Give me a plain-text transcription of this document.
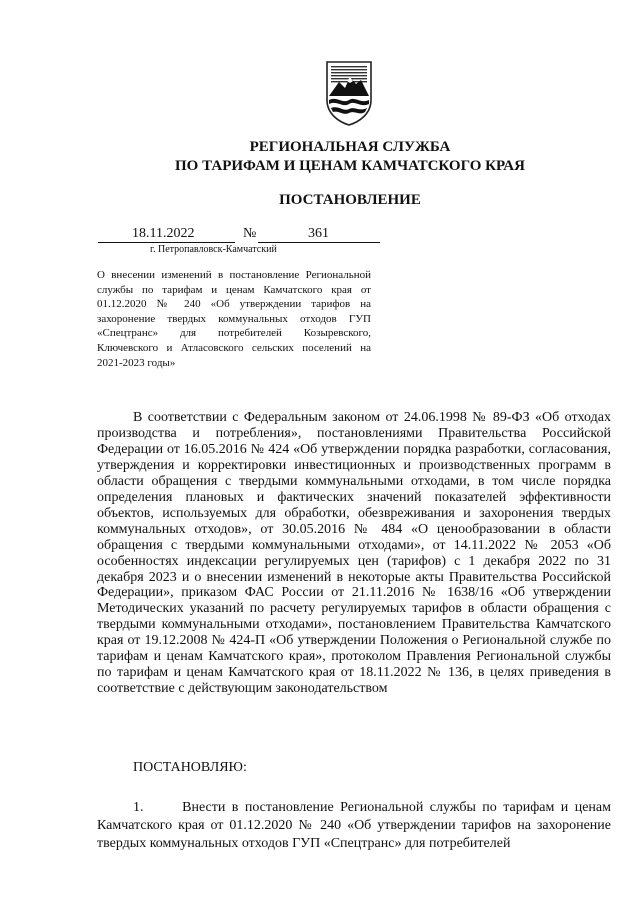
РЕГИОНАЛЬНАЯ СЛУЖБА
ПО ТАРИФАМ И ЦЕНАМ КАМЧАТСКОГО КРАЯ
ПОСТАНОВЛЕНИЕ
18.11.2022	№	361
г. Петропавловск-Камчатский
О внесении изменений в постановление Региональной службы по тарифам и ценам Камчатского края от 01.12.2020 № 240 «Об утверждении тарифов на захоронение твердых коммунальных отходов ГУП «Спецтранс» для потребителей Козыревского, Ключевского и Атласовского сельских поселений на 2021-2023 годы»
В соответствии с Федеральным законом от 24.06.1998 № 89-ФЗ «Об отходах производства и потребления», постановлениями Правительства Российской Федерации от 16.05.2016 № 424 «Об утверждении порядка разработки, согласования, утверждения и корректировки инвестиционных и производственных программ в области обращения с твердыми коммунальными отходами, в том числе порядка определения плановых и фактических значений показателей эффективности объектов, используемых для обработки, обезвреживания и захоронения твердых коммунальных отходов», от 30.05.2016 № 484 «О ценообразовании в области обращения с твердыми коммунальными отходами», от 14.11.2022 № 2053 «Об особенностях индексации регулируемых цен (тарифов) с 1 декабря 2022 по 31 декабря 2023 и о внесении изменений в некоторые акты Правительства Российской Федерации», приказом ФАС России от 21.11.2016 № 1638/16 «Об утверждении Методических указаний по расчету регулируемых тарифов в области обращения с твердыми коммунальными отходами», постановлением Правительства Камчатского края от 19.12.2008 № 424-П «Об утверждении Положения о Региональной службе по тарифам и ценам Камчатского края», протоколом Правления Региональной службы по тарифам и ценам Камчатского края от 18.11.2022 № 136, в целях приведения в соответствие с действующим законодательством
ПОСТАНОВЛЯЮ:
1.	Внести в постановление Региональной службы по тарифам и ценам Камчатского края от 01.12.2020 № 240 «Об утверждении тарифов на захоронение твердых коммунальных отходов ГУП «Спецтранс» для потребителей
